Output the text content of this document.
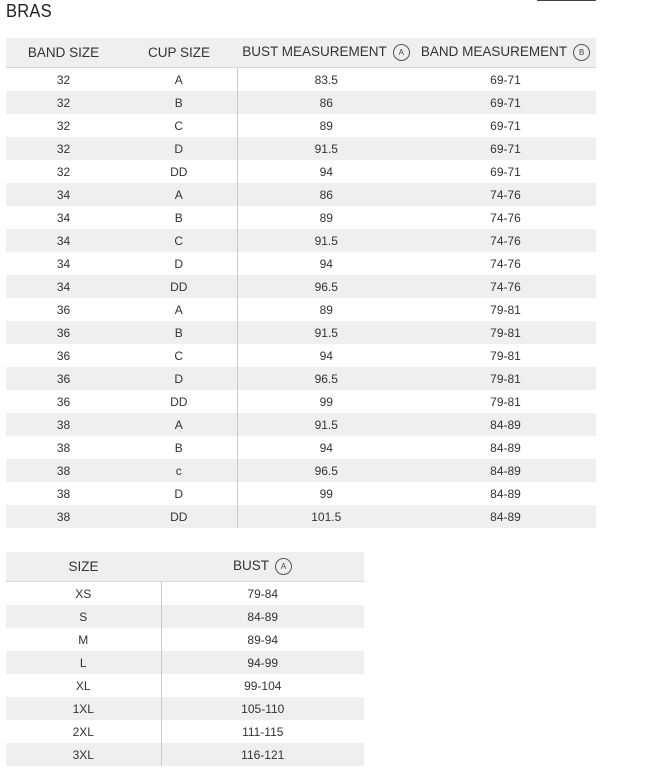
BRAS
BAND SIZE	CUP SIZE	BUST MEASUREMENT A	BAND MEASUREMENT B
32	A	83.5	69-71
32	B	86	69-71
32	C	89	69-71
32	D	91.5	69-71
32	DD	94	69-71
34	A	86	74-76
34	B	89	74-76
34	C	91.5	74-76
34	D	94	74-76
34	DD	96.5	74-76
36	A	89	79-81
36	B	91.5	79-81
36	C	94	79-81
36	D	96.5	79-81
36	DD	99	79-81
38	A	91.5	84-89
38	B	94	84-89
38	c	96.5	84-89
38	D	99	84-89
38	DD	101.5	84-89
SIZE	BUST A
XS	79-84
S	84-89
M	89-94
L	94-99
XL	99-104
1XL	105-110
2XL	111-115
3XL	116-121
